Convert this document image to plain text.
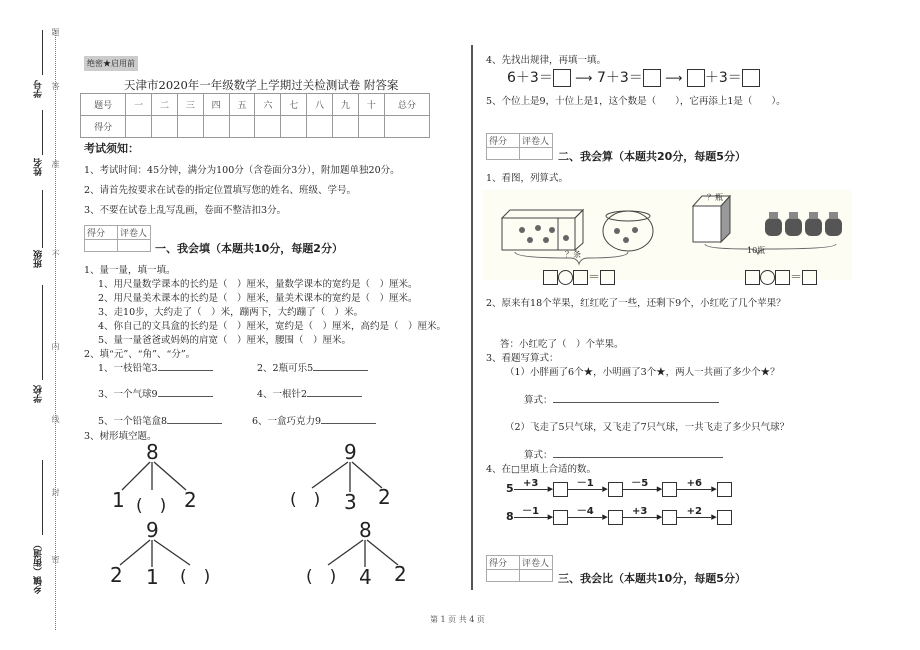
学号
姓名
班级
学校
乡镇（街道）
题
答
准
不
内
线
封
密
绝密★启用前
天津市2020年一年级数学上学期过关检测试卷 附答案
题号	一	二	三	四	五	六	七	八	九	十	总分
得分											
考试须知：
1、考试时间：45分钟，满分为100分（含卷面分3分），附加题单独20分。
2、请首先按要求在试卷的指定位置填写您的姓名、班级、学号。
3、不要在试卷上乱写乱画，卷面不整洁扣3分。
得分	评卷人

一、我会填（本题共10分，每题2分）
1、量一量，填一填。
1、用尺量数学课本的长约是（　）厘米，量数学课本的宽约是（　）厘米。
2、用尺量美术课本的长约是（　）厘米，量美术课本的宽约是（　）厘米。
3、走10步，大约走了（　）米，蹦两下，大约蹦了（　）米。
4、你自己的文具盒的长约是（　）厘米，宽约是（　）厘米，高约是（　）厘米。
5、量一量爸爸或妈妈的肩宽（　）厘米，腰围（　）厘米。
2、填“元”、“角”、“分”。
1、一枝铅笔3	2、2瓶可乐5
3、一个气球9	4、一根针2
5、一个铅笔盒8	6、一盒巧克力9
3、树形填空题。
8
1 (　) 2
9
(　) 3 2
9
2 1 (　)
8
(　) 4 2
4、先找出规律，再填一填。
6＋3＝ ⟶ 7＋3＝ ⟶ ＋3＝
5、个位上是9，十位上是1，这个数是（　　），它再添上1是（　　）。
得分	评卷人

二、我会算（本题共20分，每题5分）
1、看图，列算式。
？条
？瓶
10瓶
＝	＝
2、原来有18个苹果，红红吃了一些，还剩下9个，小红吃了几个苹果？
答：小红吃了（　）个苹果。
3、看题写算式：
（1）小胖画了6个★，小明画了3个★，两人一共画了多少个★？
算式：
（2）飞走了5只气球，又飞走了7只气球，一共飞走了多少只气球？
算式：
4、在□里填上合适的数。
5 +3 ▸ －1 ▸ －5 ▸ +6 ▸
8 －1 ▸ －4 ▸ +3 ▸ +2 ▸
得分	评卷人

三、我会比（本题共10分，每题5分）
第 1 页 共 4 页
